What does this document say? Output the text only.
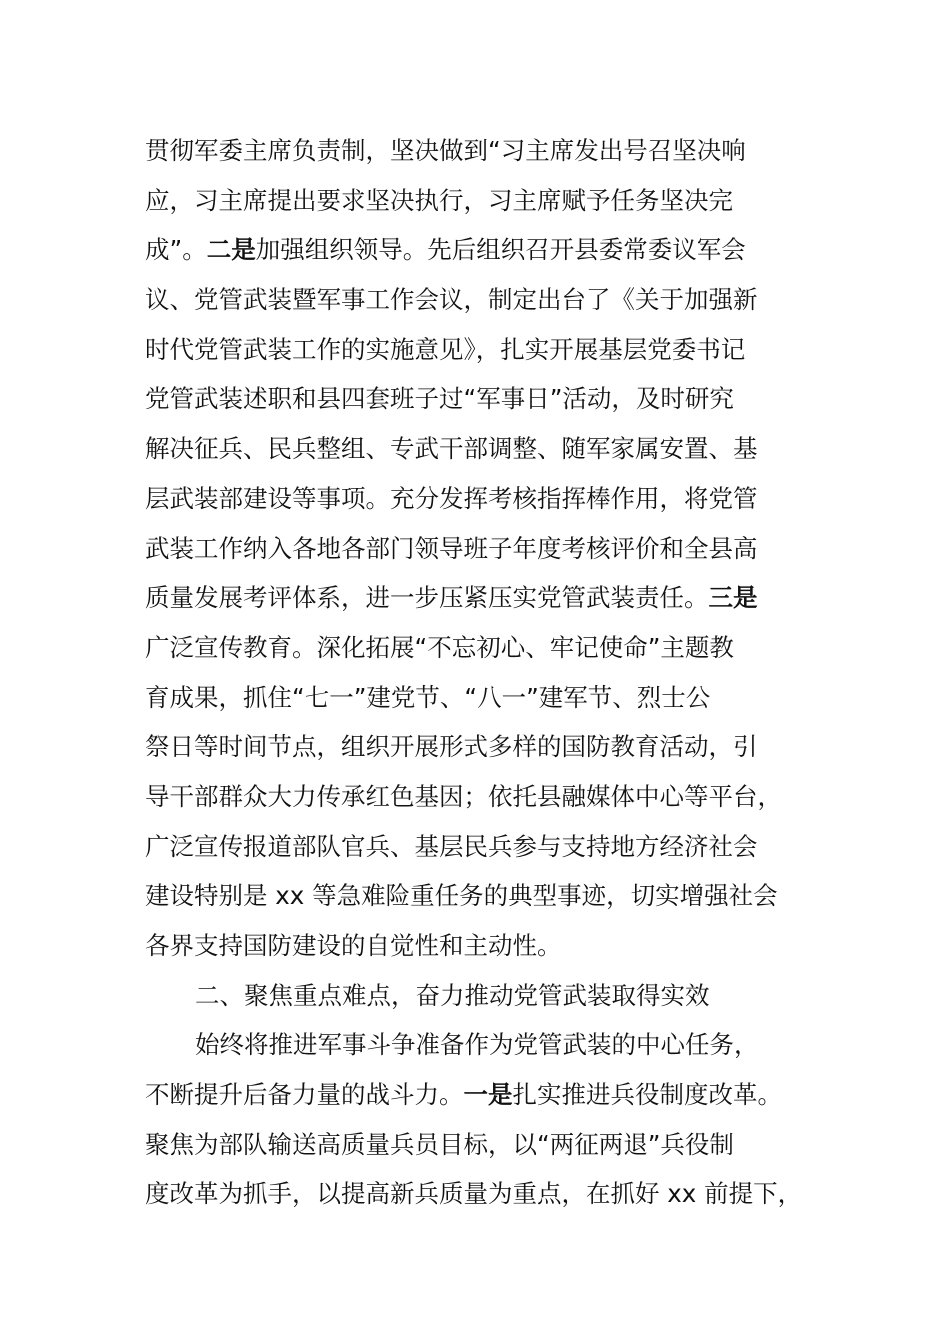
贯彻军委主席负责制，坚决做到“习主席发出号召坚决响
应，习主席提出要求坚决执行，习主席赋予任务坚决完
成”。二是加强组织领导。先后组织召开县委常委议军会
议、党管武装暨军事工作会议，制定出台了《关于加强新
时代党管武装工作的实施意见》，扎实开展基层党委书记
党管武装述职和县四套班子过“军事日”活动，及时研究
解决征兵、民兵整组、专武干部调整、随军家属安置、基
层武装部建设等事项。充分发挥考核指挥棒作用，将党管
武装工作纳入各地各部门领导班子年度考核评价和全县高
质量发展考评体系，进一步压紧压实党管武装责任。三是
广泛宣传教育。深化拓展“不忘初心、牢记使命”主题教
育成果，抓住“七一”建党节、“八一”建军节、烈士公
祭日等时间节点，组织开展形式多样的国防教育活动，引
导干部群众大力传承红色基因；依托县融媒体中心等平台，
广泛宣传报道部队官兵、基层民兵参与支持地方经济社会
建设特别是 xx 等急难险重任务的典型事迹，切实增强社会
各界支持国防建设的自觉性和主动性。
二、聚焦重点难点，奋力推动党管武装取得实效
始终将推进军事斗争准备作为党管武装的中心任务，
不断提升后备力量的战斗力。一是扎实推进兵役制度改革。
聚焦为部队输送高质量兵员目标，以“两征两退”兵役制
度改革为抓手，以提高新兵质量为重点，在抓好 xx 前提下，
